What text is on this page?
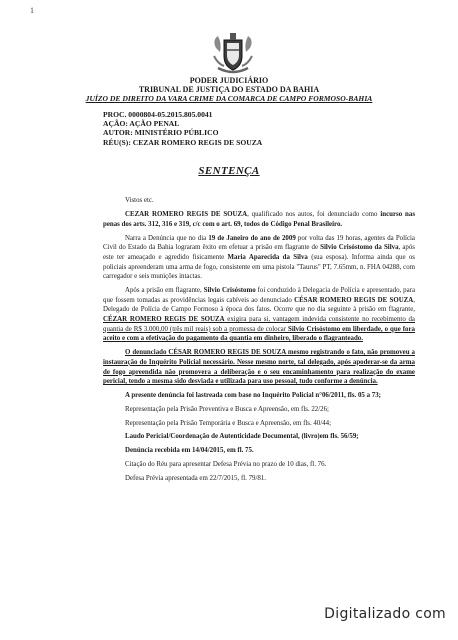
1
PODER JUDICIÁRIO
TRIBUNAL DE JUSTIÇA DO ESTADO DA BAHIA
JUÍZO DE DIREITO DA VARA CRIME DA COMARCA DE CAMPO FORMOSO-BAHIA
PROC. 0000804-05.2015.805.0041
AÇÃO: AÇÃO PENAL
AUTOR: MINISTÉRIO PÚBLICO
RÉU(S): CEZAR ROMERO REGIS DE SOUZA
SENTENÇA

Vistos etc.

CEZAR ROMERO REGIS DE SOUZA, qualificado nos autos, foi denunciado como incurso nas penas dos arts. 312, 316 e 319, c/c com o art. 69, todos do Código Penal Brasileiro.

Narra a Denúncia que no dia 19 de Janeiro do ano de 2009 por volta das 19 horas, agentes da Polícia Civil do Estado da Bahia lograram êxito em efetuar a prisão em flagrante de Silvio Crisóstomo da Silva, após este ter ameaçado e agredido fisicamente Maria Aparecida da Silva (sua esposa). Informa ainda que os policiais apreenderam uma arma de fogo, consistente em uma pistola "Taurus" PT, 7.65mm, n. FHA 04288, com carregador e seis munições intactas.

Após a prisão em flagrante, Silvio Crisóstomo foi conduzido à Delegacia de Polícia e apresentado, para que fossem tomadas as providências legais cabíveis ao denunciado CÉSAR ROMERO REGIS DE SOUZA, Delegado de Polícia de Campo Formoso à época dos fatos. Ocorre que no dia seguinte à prisão em flagrante, CÉZAR ROMERO REGIS DE SOUZA exigira para si, vantagem indevida consistente no recebimento da quantia de R$ 3.000,00 (três mil reais) sob a promessa de colocar Silvio Crisóstomo em liberdade, o que fora aceito e com a efetivação do pagamento da quantia em dinheiro, liberado o flagranteado.

O denunciado CÉSAR ROMERO REGIS DE SOUZA mesmo registrando o fato, não promoveu a instauração do Inquérito Policial necessário. Nesse mesmo norte, tal delegado, após apoderar-se da arma de fogo apreendida não promovera a deliberação e o seu encaminhamento para realização do exame pericial, tendo a mesma sido desviada e utilizada para uso pessoal, tudo conforme a denúncia.

A presente denúncia foi lastreada com base no Inquérito Policial n°06/2011, fls. 05 a 73;

Representação pela Prisão Preventiva e Busca e Apreensão, em fls. 22/26;
Representação pela Prisão Temporária e Busca e Apreensão, em fls. 40/44;
Laudo Pericial/Coordenação de Autenticidade Documental, (livro)em fls. 56/59;
Denúncia recebida em 14/04/2015, em fl. 75.
Citação do Réu para apresentar Defesa Prévia no prazo de 10 dias, fl. 76.
Defesa Prévia apresentada em 22/7/2015, fl. 79/81.
Digitalizado com
